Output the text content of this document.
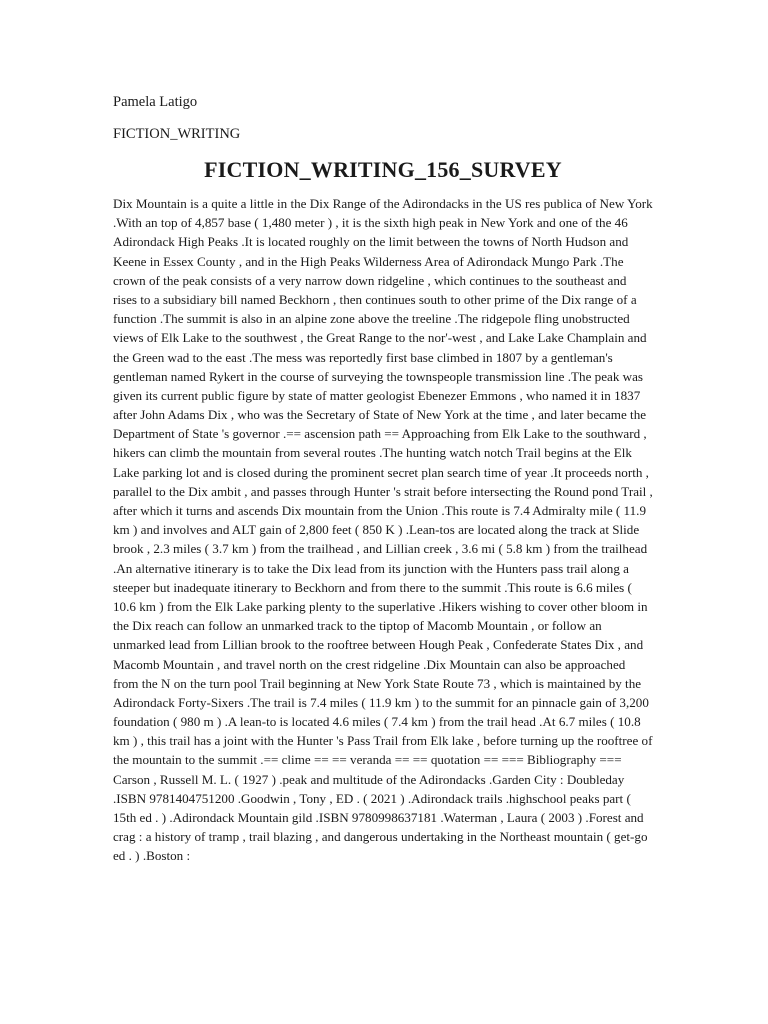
Pamela Latigo

FICTION_WRITING

FICTION_WRITING_156_SURVEY

Dix Mountain is a quite a little in the Dix Range of the Adirondacks in the US res publica of New York .With an top of 4,857 base ( 1,480 meter ) , it is the sixth high peak in New York and one of the 46 Adirondack High Peaks .It is located roughly on the limit between the towns of North Hudson and Keene in Essex County , and in the High Peaks Wilderness Area of Adirondack Mungo Park .The crown of the peak consists of a very narrow down ridgeline , which continues to the southeast and rises to a subsidiary bill named Beckhorn , then continues south to other prime of the Dix range of a function .The summit is also in an alpine zone above the treeline .The ridgepole fling unobstructed views of Elk Lake to the southwest , the Great Range to the nor'-west , and Lake Lake Champlain and the Green wad to the east .The mess was reportedly first base climbed in 1807 by a gentleman's gentleman named Rykert in the course of surveying the townspeople transmission line .The peak was given its current public figure by state of matter geologist Ebenezer Emmons , who named it in 1837 after John Adams Dix , who was the Secretary of State of New York at the time , and later became the Department of State 's governor .== ascension path == Approaching from Elk Lake to the southward , hikers can climb the mountain from several routes .The hunting watch notch Trail begins at the Elk Lake parking lot and is closed during the prominent secret plan search time of year .It proceeds north , parallel to the Dix ambit , and passes through Hunter 's strait before intersecting the Round pond Trail , after which it turns and ascends Dix mountain from the Union .This route is 7.4 Admiralty mile ( 11.9 km ) and involves and ALT gain of 2,800 feet ( 850 K ) .Lean-tos are located along the track at Slide brook , 2.3 miles ( 3.7 km ) from the trailhead , and Lillian creek , 3.6 mi ( 5.8 km ) from the trailhead .An alternative itinerary is to take the Dix lead from its junction with the Hunters pass trail along a steeper but inadequate itinerary to Beckhorn and from there to the summit .This route is 6.6 miles ( 10.6 km ) from the Elk Lake parking plenty to the superlative .Hikers wishing to cover other bloom in the Dix reach can follow an unmarked track to the tiptop of Macomb Mountain , or follow an unmarked lead from Lillian brook to the rooftree between Hough Peak , Confederate States Dix , and Macomb Mountain , and travel north on the crest ridgeline .Dix Mountain can also be approached from the N on the turn pool Trail beginning at New York State Route 73 , which is maintained by the Adirondack Forty-Sixers .The trail is 7.4 miles ( 11.9 km ) to the summit for an pinnacle gain of 3,200 foundation ( 980 m ) .A lean-to is located 4.6 miles ( 7.4 km ) from the trail head .At 6.7 miles ( 10.8 km ) , this trail has a joint with the Hunter 's Pass Trail from Elk lake , before turning up the rooftree of the mountain to the summit .== clime == == veranda == == quotation == === Bibliography === Carson , Russell M. L. ( 1927 ) .peak and multitude of the Adirondacks .Garden City : Doubleday .ISBN 9781404751200 .Goodwin , Tony , ED . ( 2021 ) .Adirondack trails .highschool peaks part ( 15th ed . ) .Adirondack Mountain gild .ISBN 9780998637181 .Waterman , Laura ( 2003 ) .Forest and crag : a history of tramp , trail blazing , and dangerous undertaking in the Northeast mountain ( get-go ed . ) .Boston :
